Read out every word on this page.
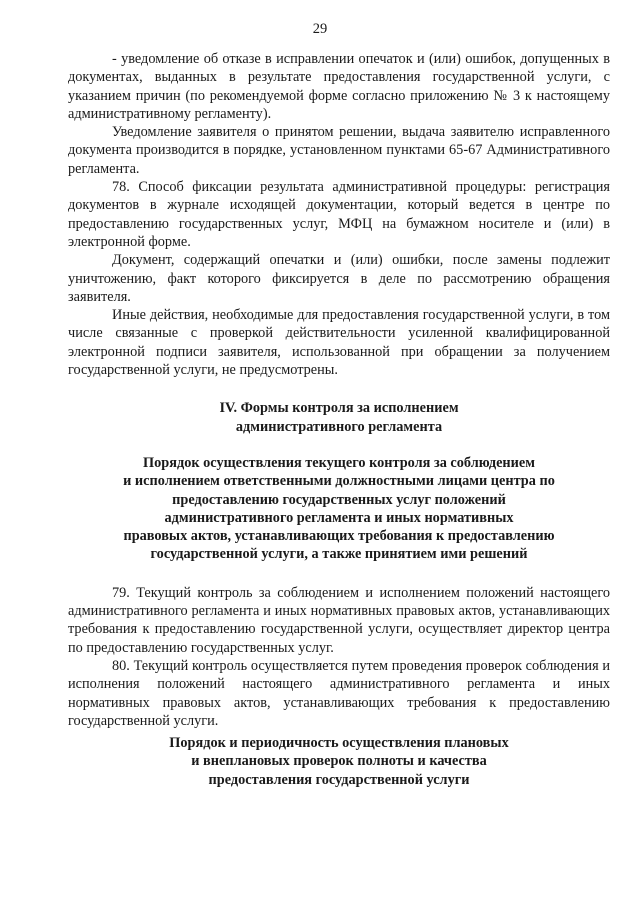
29

- уведомление об отказе в исправлении опечаток и (или) ошибок, допущенных в документах, выданных в результате предоставления государственной услуги, с указанием причин (по рекомендуемой форме согласно приложению № 3 к настоящему административному регламенту).

Уведомление заявителя о принятом решении, выдача заявителю исправленного документа производится в порядке, установленном пунктами 65-67 Административного регламента.

78. Способ фиксации результата административной процедуры: регистрация документов в журнале исходящей документации, который ведется в центре по предоставлению государственных услуг, МФЦ на бумажном носителе и (или) в электронной форме.

Документ, содержащий опечатки и (или) ошибки, после замены подлежит уничтожению, факт которого фиксируется в деле по рассмотрению обращения заявителя.

Иные действия, необходимые для предоставления государственной услуги, в том числе связанные с проверкой действительности усиленной квалифицированной электронной подписи заявителя, использованной при обращении за получением государственной услуги, не предусмотрены.

IV. Формы контроля за исполнением
административного регламента
Порядок осуществления текущего контроля за соблюдением
и исполнением ответственными должностными лицами центра по
предоставлению государственных услуг положений
административного регламента и иных нормативных
правовых актов, устанавливающих требования к предоставлению
государственной услуги, а также принятием ими решений

79. Текущий контроль за соблюдением и исполнением положений настоящего административного регламента и иных нормативных правовых актов, устанавливающих требования к предоставлению государственной услуги, осуществляет директор центра по предоставлению государственных услуг.

80. Текущий контроль осуществляется путем проведения проверок соблюдения и исполнения положений настоящего административного регламента и иных нормативных правовых актов, устанавливающих требования к предоставлению государственной услуги.

Порядок и периодичность осуществления плановых
и внеплановых проверок полноты и качества
предоставления государственной услуги
